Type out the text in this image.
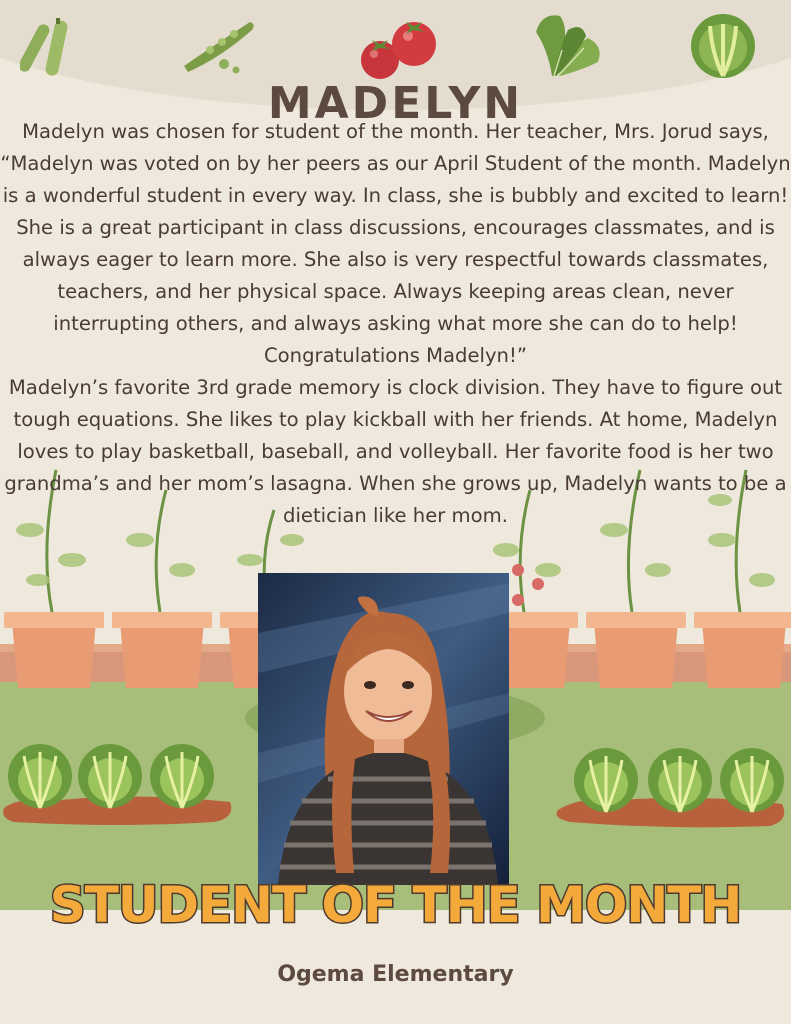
MADELYN

Madelyn was chosen for student of the month. Her teacher, Mrs. Jorud says, “Madelyn was voted on by her peers as our April Student of the month. Madelyn is a wonderful student in every way. In class, she is bubbly and excited to learn! She is a great participant in class discussions, encourages classmates, and is always eager to learn more. She also is very respectful towards classmates, teachers, and her physical space. Always keeping areas clean, never interrupting others, and always asking what more she can do to help! Congratulations Madelyn!”

Madelyn’s favorite 3rd grade memory is clock division. They have to figure out tough equations. She likes to play kickball with her friends. At home, Madelyn loves to play basketball, baseball, and volleyball. Her favorite food is her two grandma’s and her mom’s lasagna. When she grows up, Madelyn wants to be a dietician like her mom.

STUDENT OF THE MONTH
Ogema Elementary
